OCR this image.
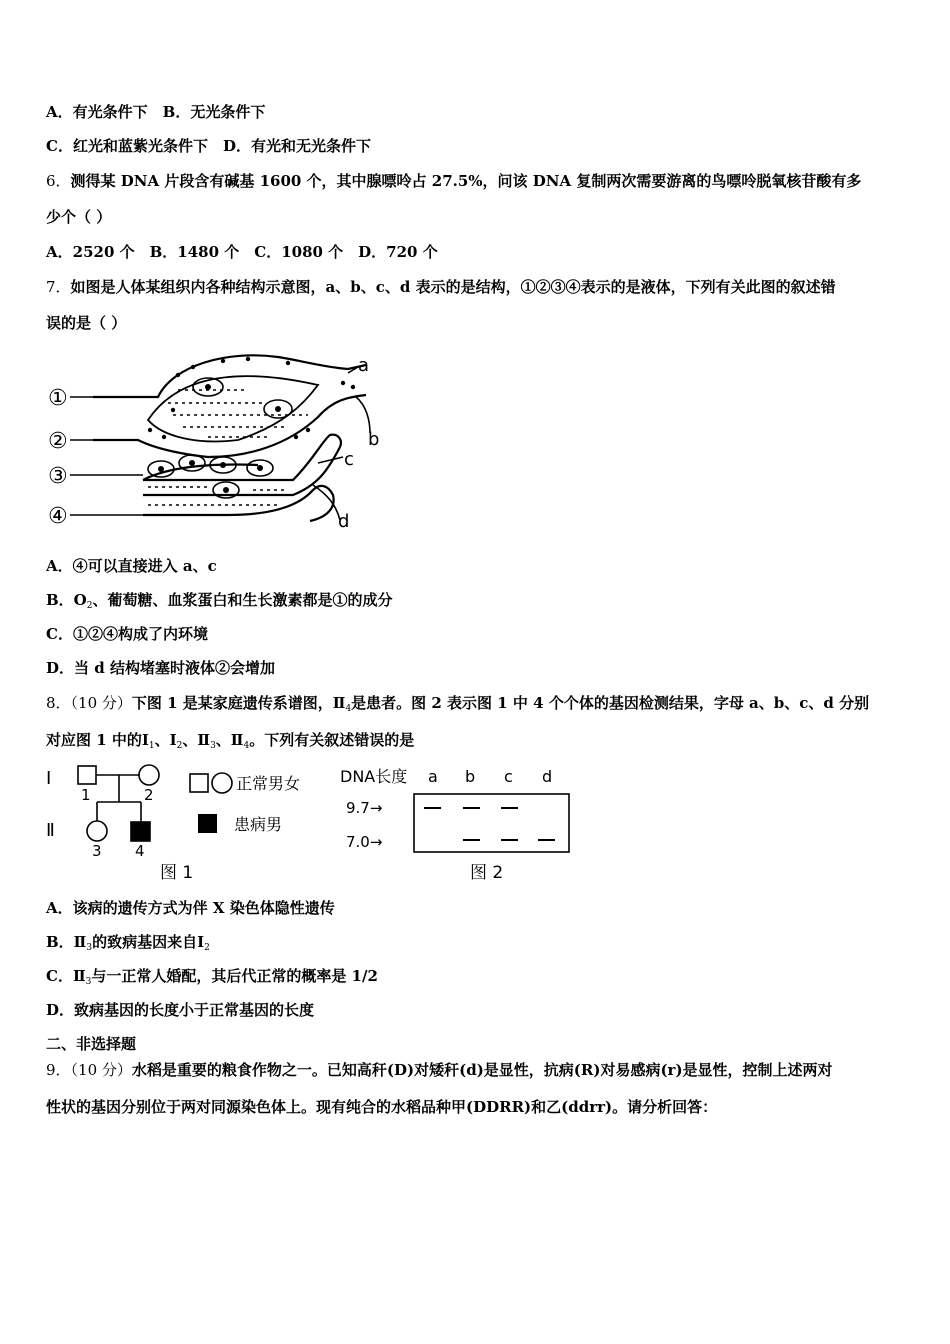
A．有光条件下　B．无光条件下
C．红光和蓝紫光条件下　D．有光和无光条件下
6．测得某 DNA 片段含有碱基 1600 个，其中腺嘌呤占 27.5%，问该 DNA 复制两次需要游离的鸟嘌呤脱氧核苷酸有多
少个（ ）
A．2520 个　B．1480 个　C．1080 个　D．720 个
7．如图是人体某组织内各种结构示意图，a、b、c、d 表示的是结构，①②③④表示的是液体，下列有关此图的叙述错
误的是（ ）
①
②
③
④
a
b
c
d
A．④可以直接进入 a、c
B．$O_2$、葡萄糖、血浆蛋白和生长激素都是①的成分
C．①②④构成了内环境
D．当 d 结构堵塞时液体②会增加
8．（10 分）下图 1 是某家庭遗传系谱图，$Ⅱ_4$是患者。图 2 表示图 1 中 4 个个体的基因检测结果，字母 a、b、c、d 分别
对应图 1 中的$Ⅰ_1$、$Ⅰ_2$、$Ⅱ_3$、$Ⅱ_4$。下列有关叙述错误的是
Ⅰ
Ⅱ
1	2
3 4
正常男女
患病男
图 1
DNA长度 a b c d
9.7→
7.0→
图 2
A．该病的遗传方式为伴 X 染色体隐性遗传
B．$Ⅱ_3$的致病基因来自$Ⅰ_2$
C．$Ⅱ_3$与一正常人婚配，其后代正常的概率是 1/2
D．致病基因的长度小于正常基因的长度
二、非选择题
9．（10 分）水稻是重要的粮食作物之一。已知高秆(D)对矮秆(d)是显性，抗病(R)对易感病(r)是显性，控制上述两对
性状的基因分别位于两对同源染色体上。现有纯合的水稻品种甲(DDRR)和乙(ddrr)。请分析回答：
